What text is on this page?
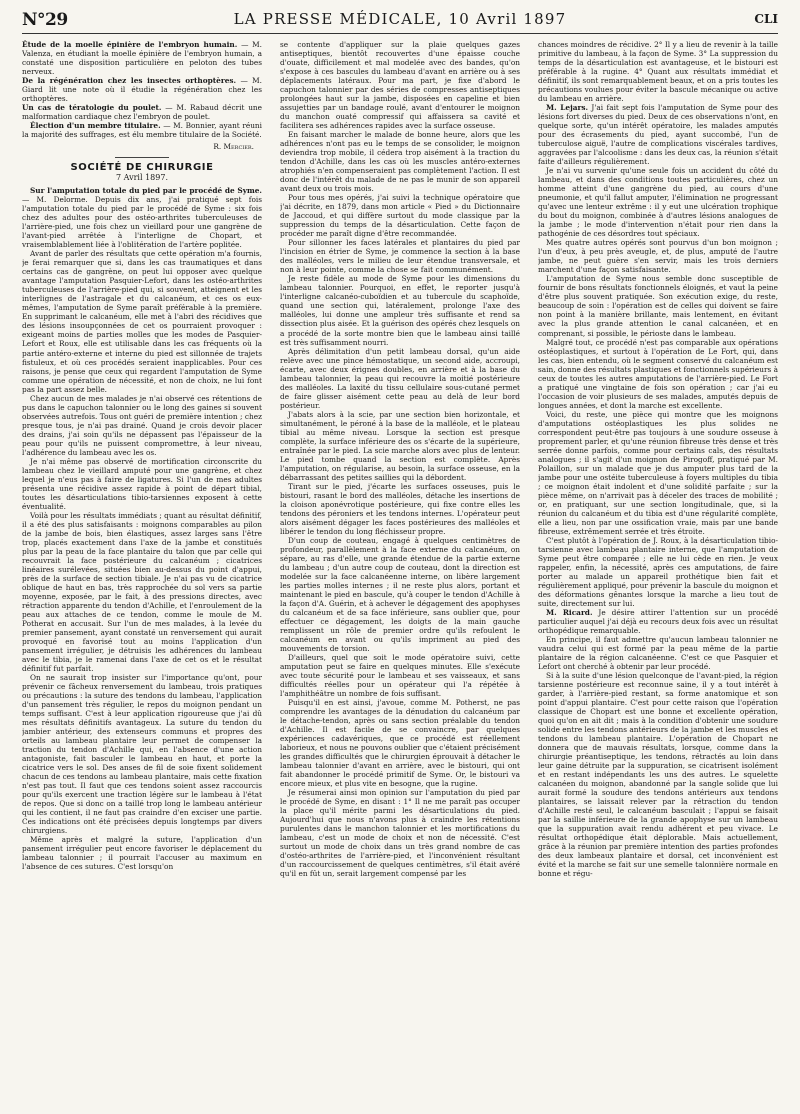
N°29	LA PRESSE MÉDICALE, 10 Avril 1897	CLI

Étude de la moelle épinière de l'embryon humain. — M. Valenza, en étudiant la moelle épinière de l'embryon humain, a constaté une disposition particulière en peloton des tubes nerveux.

De la régénération chez les insectes orthoptères. — M. Giard lit une note où il étudie la régénération chez les orthoptères.

Un cas de tératologie du poulet. — M. Rabaud décrit une malformation cardiaque chez l'embryon de poulet.

Élection d'un membre titulaire. — M. Bonnier, ayant réuni la majorité des suffrages, est élu membre titulaire de la Société.

R. Mercier.

SOCIÉTÉ DE CHIRURGIE

7 Avril 1897.

Sur l'amputation totale du pied par le procédé de Syme. — M. Delorme. Depuis dix ans, j'ai pratiqué sept fois l'amputation totale du pied par le procédé de Syme : six fois chez des adultes pour des ostéo-arthrites tuberculeuses de l'arrière-pied, une fois chez un vieillard pour une gangrène de l'avant-pied arrêtée à l'interligne de Chopart, et vraisemblablement liée à l'oblitération de l'artère poplitée.

Avant de parler des résultats que cette opération m'a fournis, je ferai remarquer que si, dans les cas traumatiques et dans certains cas de gangrène, on peut lui opposer avec quelque avantage l'amputation Pasquier-Lefort, dans les ostéo-arthrites tuberculeuses de l'arrière-pied qui, si souvent, atteignent et les interlignes de l'astragale et du calcanéum, et ces os eux-mêmes, l'amputation de Syme paraît préférable à la première. En supprimant le calcanéum, elle met à l'abri des récidives que des lésions insoupçonnées de cet os pourraient provoquer : exigeant moins de parties molles que les modes de Pasquier-Lefort et Roux, elle est utilisable dans les cas fréquents où la partie antéro-externe et interne du pied est sillonnée de trajets fistuleux, et où ces procédés seraient inapplicables. Pour ces raisons, je pense que ceux qui regardent l'amputation de Syme comme une opération de nécessité, et non de choix, ne lui font pas la part assez belle.

Chez aucun de mes malades je n'ai observé ces rétentions de pus dans le capuchon talonnier ou le long des gaines si souvent observées autrefois. Tous ont guéri de première intention ; chez presque tous, je n'ai pas drainé. Quand je crois devoir placer des drains, j'ai soin qu'ils ne dépassent pas l'épaisseur de la peau pour qu'ils ne puissent compromettre, à leur niveau, l'adhérence du lambeau avec les os.

Je n'ai même pas observé de mortification circonscrite du lambeau chez le vieillard amputé pour une gangrène, et chez lequel je n'eus pas à faire de ligatures. Si l'un de mes adultes présenta une récidive assez rapide à point de départ tibial, toutes les désarticulations tibio-tarsiennes exposent à cette éventualité.

Voilà pour les résultats immédiats ; quant au résultat définitif, il a été des plus satisfaisants : moignons comparables au pilon de la jambe de bois, bien élastiques, assez larges sans l'être trop, placés exactement dans l'axe de la jambe et constitués plus par la peau de la face plantaire du talon que par celle qui recouvrait la face postérieure du calcanéum ; cicatrices linéaires surélevées, situées bien au-dessus du point d'appui, près de la surface de section tibiale. Je n'ai pas vu de cicatrice oblique de haut en bas, très rapprochée du sol vers sa partie moyenne, exposée, par le fait, à des pressions directes, avec rétraction apparente du tendon d'Achille, et l'enroulement de la peau aux attaches de ce tendon, comme le moule de M. Potherat en accusait. Sur l'un de mes malades, à la levée du premier pansement, ayant constaté un renversement qui aurait provoqué en favorisé tout au moins l'application d'un pansement irrégulier, je détruisis les adhérences du lambeau avec le tibia, je le ramenai dans l'axe de cet os et le résultat définitif fut parfait.

On ne saurait trop insister sur l'importance qu'ont, pour prévenir ce fâcheux renversement du lambeau, trois pratiques ou précautions : la suture des tendons du lambeau, l'application d'un pansement très régulier, le repos du moignon pendant un temps suffisant. C'est à leur application rigoureuse que j'ai dû mes résultats définitifs avantageux. La suture du tendon du jambier antérieur, des extenseurs communs et propres des orteils au lambeau plantaire leur permet de compenser la traction du tendon d'Achille qui, en l'absence d'une action antagoniste, fait basculer le lambeau en haut, et porte la cicatrice vers le sol. Des anses de fil de soie fixent solidement chacun de ces tendons au lambeau plantaire, mais cette fixation n'est pas tout. Il faut que ces tendons soient assez raccourcis pour qu'ils exercent une traction légère sur le lambeau à l'état de repos. Que si donc on a taillé trop long le lambeau antérieur qui les contient, il ne faut pas craindre d'en exciser une partie. Ces indications ont été précisées depuis longtemps par divers chirurgiens.

Même après et malgré la suture, l'application d'un pansement irrégulier peut encore favoriser le déplacement du lambeau talonnier ; il pourrait l'accuser au maximum en l'absence de ces sutures. C'est lorsqu'on

se contente d'appliquer sur la plaie quelques gazes antiseptiques, bientôt recouvertes d'une épaisse couche d'ouate, difficilement et mal modelée avec des bandes, qu'on s'expose à ces bascules du lambeau d'avant en arrière ou à ses déplacements latéraux. Pour ma part, je fixe d'abord le capuchon talonnier par des séries de compresses antiseptiques prolongées haut sur la jambe, disposées en capeline et bien assujetties par un bandage roulé, avant d'entourer le moignon du manchon ouaté compressif qui affaissera sa cavité et facilitera ses adhérences rapides avec la surface osseuse.

En faisant marcher le malade de bonne heure, alors que les adhérences n'ont pas eu le temps de se consolider, le moignon deviendra trop mobile, il cédera trop aisément à la traction du tendon d'Achille, dans les cas où les muscles antéro-externes atrophiés n'en compenseraient pas complètement l'action. Il est donc de l'intérêt du malade de ne pas le munir de son appareil avant deux ou trois mois.

Pour tous mes opérés, j'ai suivi la technique opératoire que j'ai décrite, en 1879, dans mon article « Pied » du Dictionnaire de Jaccoud, et qui diffère surtout du mode classique par la suppression du temps de la désarticulation. Cette façon de procéder me paraît digne d'être recommandée.

Pour sillonner les faces latérales et plantaires du pied par l'incision en étrier de Syme, je commence la section à la base des malléoles, vers le milieu de leur étendue transversale, et non à leur pointe, comme la chose se fait communément.

Je reste fidèle au mode de Syme pour les dimensions du lambeau talonnier. Pourquoi, en effet, le reporter jusqu'à l'interligne calcanéo-cuboïdien et au tubercule du scaphoïde, quand une section qui, latéralement, prolonge l'axe des malléoles, lui donne une ampleur très suffisante et rend sa dissection plus aisée. Et la guérison des opérés chez lesquels on a procédé de la sorte montre bien que le lambeau ainsi taillé est très suffisamment nourri.

Après délimitation d'un petit lambeau dorsal, qu'un aide relève avec une pince hémostatique, un second aide, accroupi, écarte, avec deux érignes doubles, en arrière et à la base du lambeau talonnier, la peau qui recouvre la moitié postérieure des malléoles. La laxité du tissu cellulaire sous-cutané permet de faire glisser aisément cette peau au delà de leur bord postérieur.

J'abats alors à la scie, par une section bien horizontale, et simultanément, le péroné à la base de la malléole, et le plateau tibial au même niveau. Lorsque la section est presque complète, la surface inférieure des os s'écarte de la supérieure, entraînée par le pied. La scie marche alors avec plus de lenteur. Le pied tombe quand la section est complète. Après l'amputation, on régularise, au besoin, la surface osseuse, en la débarrassant des petites saillies qui la débordent.

Tirant sur le pied, j'écarte les surfaces osseuses, puis le bistouri, rasant le bord des malléoles, détache les insertions de la cloison aponévrotique postérieure, qui fixe contre elles les tendons des péroniers et les tendons internes. L'opérateur peut alors aisément dégager les faces postérieures des malléoles et libérer le tendon du long fléchisseur propre.

D'un coup de couteau, engagé à quelques centimètres de profondeur, parallèlement à la face externe du calcanéum, on sépare, au ras d'elle, une grande étendue de la partie externe du lambeau ; d'un autre coup de couteau, dont la direction est modelée sur la face calcanéenne interne, on libère largement les parties molles internes ; il ne reste plus alors, portant et maintenant le pied en bascule, qu'à couper le tendon d'Achille à la façon d'A. Guérin, et à achever le dégagement des apophyses du calcanéum et de sa face inférieure, sans oublier que, pour effectuer ce dégagement, les doigts de la main gauche remplissent un rôle de premier ordre qu'ils refoulent le calcanéum en avant ou qu'ils impriment au pied des mouvements de torsion.

D'ailleurs, quel que soit le mode opératoire suivi, cette amputation peut se faire en quelques minutes. Elle s'exécute avec toute sécurité pour le lambeau et ses vaisseaux, et sans difficultés réelles pour un opérateur qui l'a répétée à l'amphithéâtre un nombre de fois suffisant.

Puisqu'il en est ainsi, j'avoue, comme M. Potherst, ne pas comprendre les avantages de la dénudation du calcanéum par le détache-tendon, après ou sans section préalable du tendon d'Achille. Il est facile de se convaincre, par quelques expériences cadavériques, que ce procédé est réellement laborieux, et nous ne pouvons oublier que c'étaient précisément les grandes difficultés que le chirurgien éprouvait à détacher le lambeau talonnier d'avant en arrière, avec le bistouri, qui ont fait abandonner le procédé primitif de Syme. Or, le bistouri va encore mieux, et plus vite en besogne, que la rugine.

Je résumerai ainsi mon opinion sur l'amputation du pied par le procédé de Syme, en disant : 1° Il ne me paraît pas occuper la place qu'il mérite parmi les désarticulations du pied. Aujourd'hui que nous n'avons plus à craindre les rétentions purulentes dans le manchon talonnier et les mortifications du lambeau, c'est un mode de choix et non de nécessité. C'est surtout un mode de choix dans un très grand nombre de cas d'ostéo-arthrites de l'arrière-pied, et l'inconvénient résultant d'un raccourcissement de quelques centimètres, s'il était avéré qu'il en fût un, serait largement compensé par les

chances moindres de récidive. 2° Il y a lieu de revenir à la taille primitive du lambeau, à la façon de Syme. 3° La suppression du temps de la désarticulation est avantageuse, et le bistouri est préférable à la rugine. 4° Quant aux résultats immédiat et définitif, ils sont remarquablement beaux, et on a pris toutes les précautions voulues pour éviter la bascule mécanique ou active du lambeau en arrière.

M. Lejars. J'ai fait sept fois l'amputation de Syme pour des lésions fort diverses du pied. Deux de ces observations n'ont, en quelque sorte, qu'un intérêt opératoire, les malades amputés pour des écrasements du pied, ayant succombé, l'un de tuberculose aiguë, l'autre de complications viscérales tardives, aggravées par l'alcoolisme : dans les deux cas, la réunion s'était faite d'ailleurs régulièrement.

Je n'ai vu survenir qu'une seule fois un accident du côté du lambeau, et dans des conditions toutes particulières, chez un homme atteint d'une gangrène du pied, au cours d'une pneumonie, et qu'il fallut amputer, l'élimination ne progressant qu'avec une lenteur extrême : il y eut une ulcération trophique du bout du moignon, combinée à d'autres lésions analogues de la jambe ; le mode d'intervention n'était pour rien dans la pathogénie de ces désordres tout spéciaux.

Mes quatre autres opérés sont pourvus d'un bon moignon ; l'un d'eux, à peu près aveugle, et, de plus, amputé de l'autre jambe, ne peut guère s'en servir, mais les trois derniers marchent d'une façon satisfaisante.

L'amputation de Syme nous semble donc susceptible de fournir de bons résultats fonctionnels éloignés, et vaut la peine d'être plus souvent pratiquée. Son exécution exige, du reste, beaucoup de soin : l'opération est de celles qui doivent se faire non point à la manière brillante, mais lentement, en évitant avec la plus grande attention le canal calcanéen, et en comprenant, si possible, le périoste dans le lambeau.

Malgré tout, ce procédé n'est pas comparable aux opérations ostéoplastiques, et surtout à l'opération de Le Fort, qui, dans les cas, bien entendu, où le segment conservé du calcanéum est sain, donne des résultats plastiques et fonctionnels supérieurs à ceux de toutes les autres amputations de l'arrière-pied. Le Fort a pratiqué une vingtaine de fois son opération ; car j'ai eu l'occasion de voir plusieurs de ses malades, amputés depuis de longues années, et dont la marche est excellente.

Voici, du reste, une pièce qui montre que les moignons d'amputations ostéoplastiques les plus solides ne correspondent peut-être pas toujours à une soudure osseuse à proprement parler, et qu'une réunion fibreuse très dense et très serrée donne parfois, comme pour certains cals, des résultats analogues ; il s'agit d'un moignon de Pirogoff, pratiqué par M. Polaillon, sur un malade que je dus amputer plus tard de la jambe pour une ostéite tuberculeuse à foyers multiples du tibia ; ce moignon était indolent et d'une solidité parfaite ; sur la pièce même, on n'arrivait pas à déceler des traces de mobilité ; or, en pratiquant, sur une section longitudinale, que, si la réunion du calcanéum et du tibia est d'une régularité complète, elle a lieu, non par une ossification vraie, mais par une bande fibreuse, extrêmement serrée et très étroite.

C'est plutôt à l'opération de J. Roux, à la désarticulation tibio-tarsienne avec lambeau plantaire interne, que l'amputation de Syme peut être comparée ; elle ne lui cède en rien. Je veux rappeler, enfin, la nécessité, après ces amputations, de faire porter au malade un appareil prothétique bien fait et régulièrement appliqué, pour prévenir la bascule du moignon et des déformations gênantes lorsque la marche a lieu tout de suite, directement sur lui.

M. Ricard. Je désire attirer l'attention sur un procédé particulier auquel j'ai déjà eu recours deux fois avec un résultat orthopédique remarquable.

En principe, il faut admettre qu'aucun lambeau talonnier ne vaudra celui qui est formé par la peau même de la partie plantaire de la région calcanéenne. C'est ce que Pasquier et Lefort ont cherché à obtenir par leur procédé.

Si à la suite d'une lésion quelconque de l'avant-pied, la région tarsienne postérieure est reconnue saine, il y a tout intérêt à garder, à l'arrière-pied restant, sa forme anatomique et son point d'appui plantaire. C'est pour cette raison que l'opération classique de Chopart est une bonne et excellente opération, quoi qu'on en ait dit ; mais à la condition d'obtenir une soudure solide entre les tendons antérieurs de la jambe et les muscles et tendons du lambeau plantaire. L'opération de Chopart ne donnera que de mauvais résultats, lorsque, comme dans la chirurgie préantiseptique, les tendons, rétractés au loin dans leur gaine détruite par la suppuration, se cicatrisent isolément et en restant indépendants les uns des autres. Le squelette calcanéen du moignon, abandonné par la sangle solide que lui aurait formé la soudure des tendons antérieurs aux tendons plantaires, se laissait relever par la rétraction du tendon d'Achille resté seul, le calcanéum basculait ; l'appui se faisait par la saillie inférieure de la grande apophyse sur un lambeau que la suppuration avait rendu adhérent et peu vivace. Le résultat orthopédique était déplorable. Mais actuellement, grâce à la réunion par première intention des parties profondes des deux lambeaux plantaire et dorsal, cet inconvénient est évité et la marche se fait sur une semelle talonnière normale en bonne et régu-
